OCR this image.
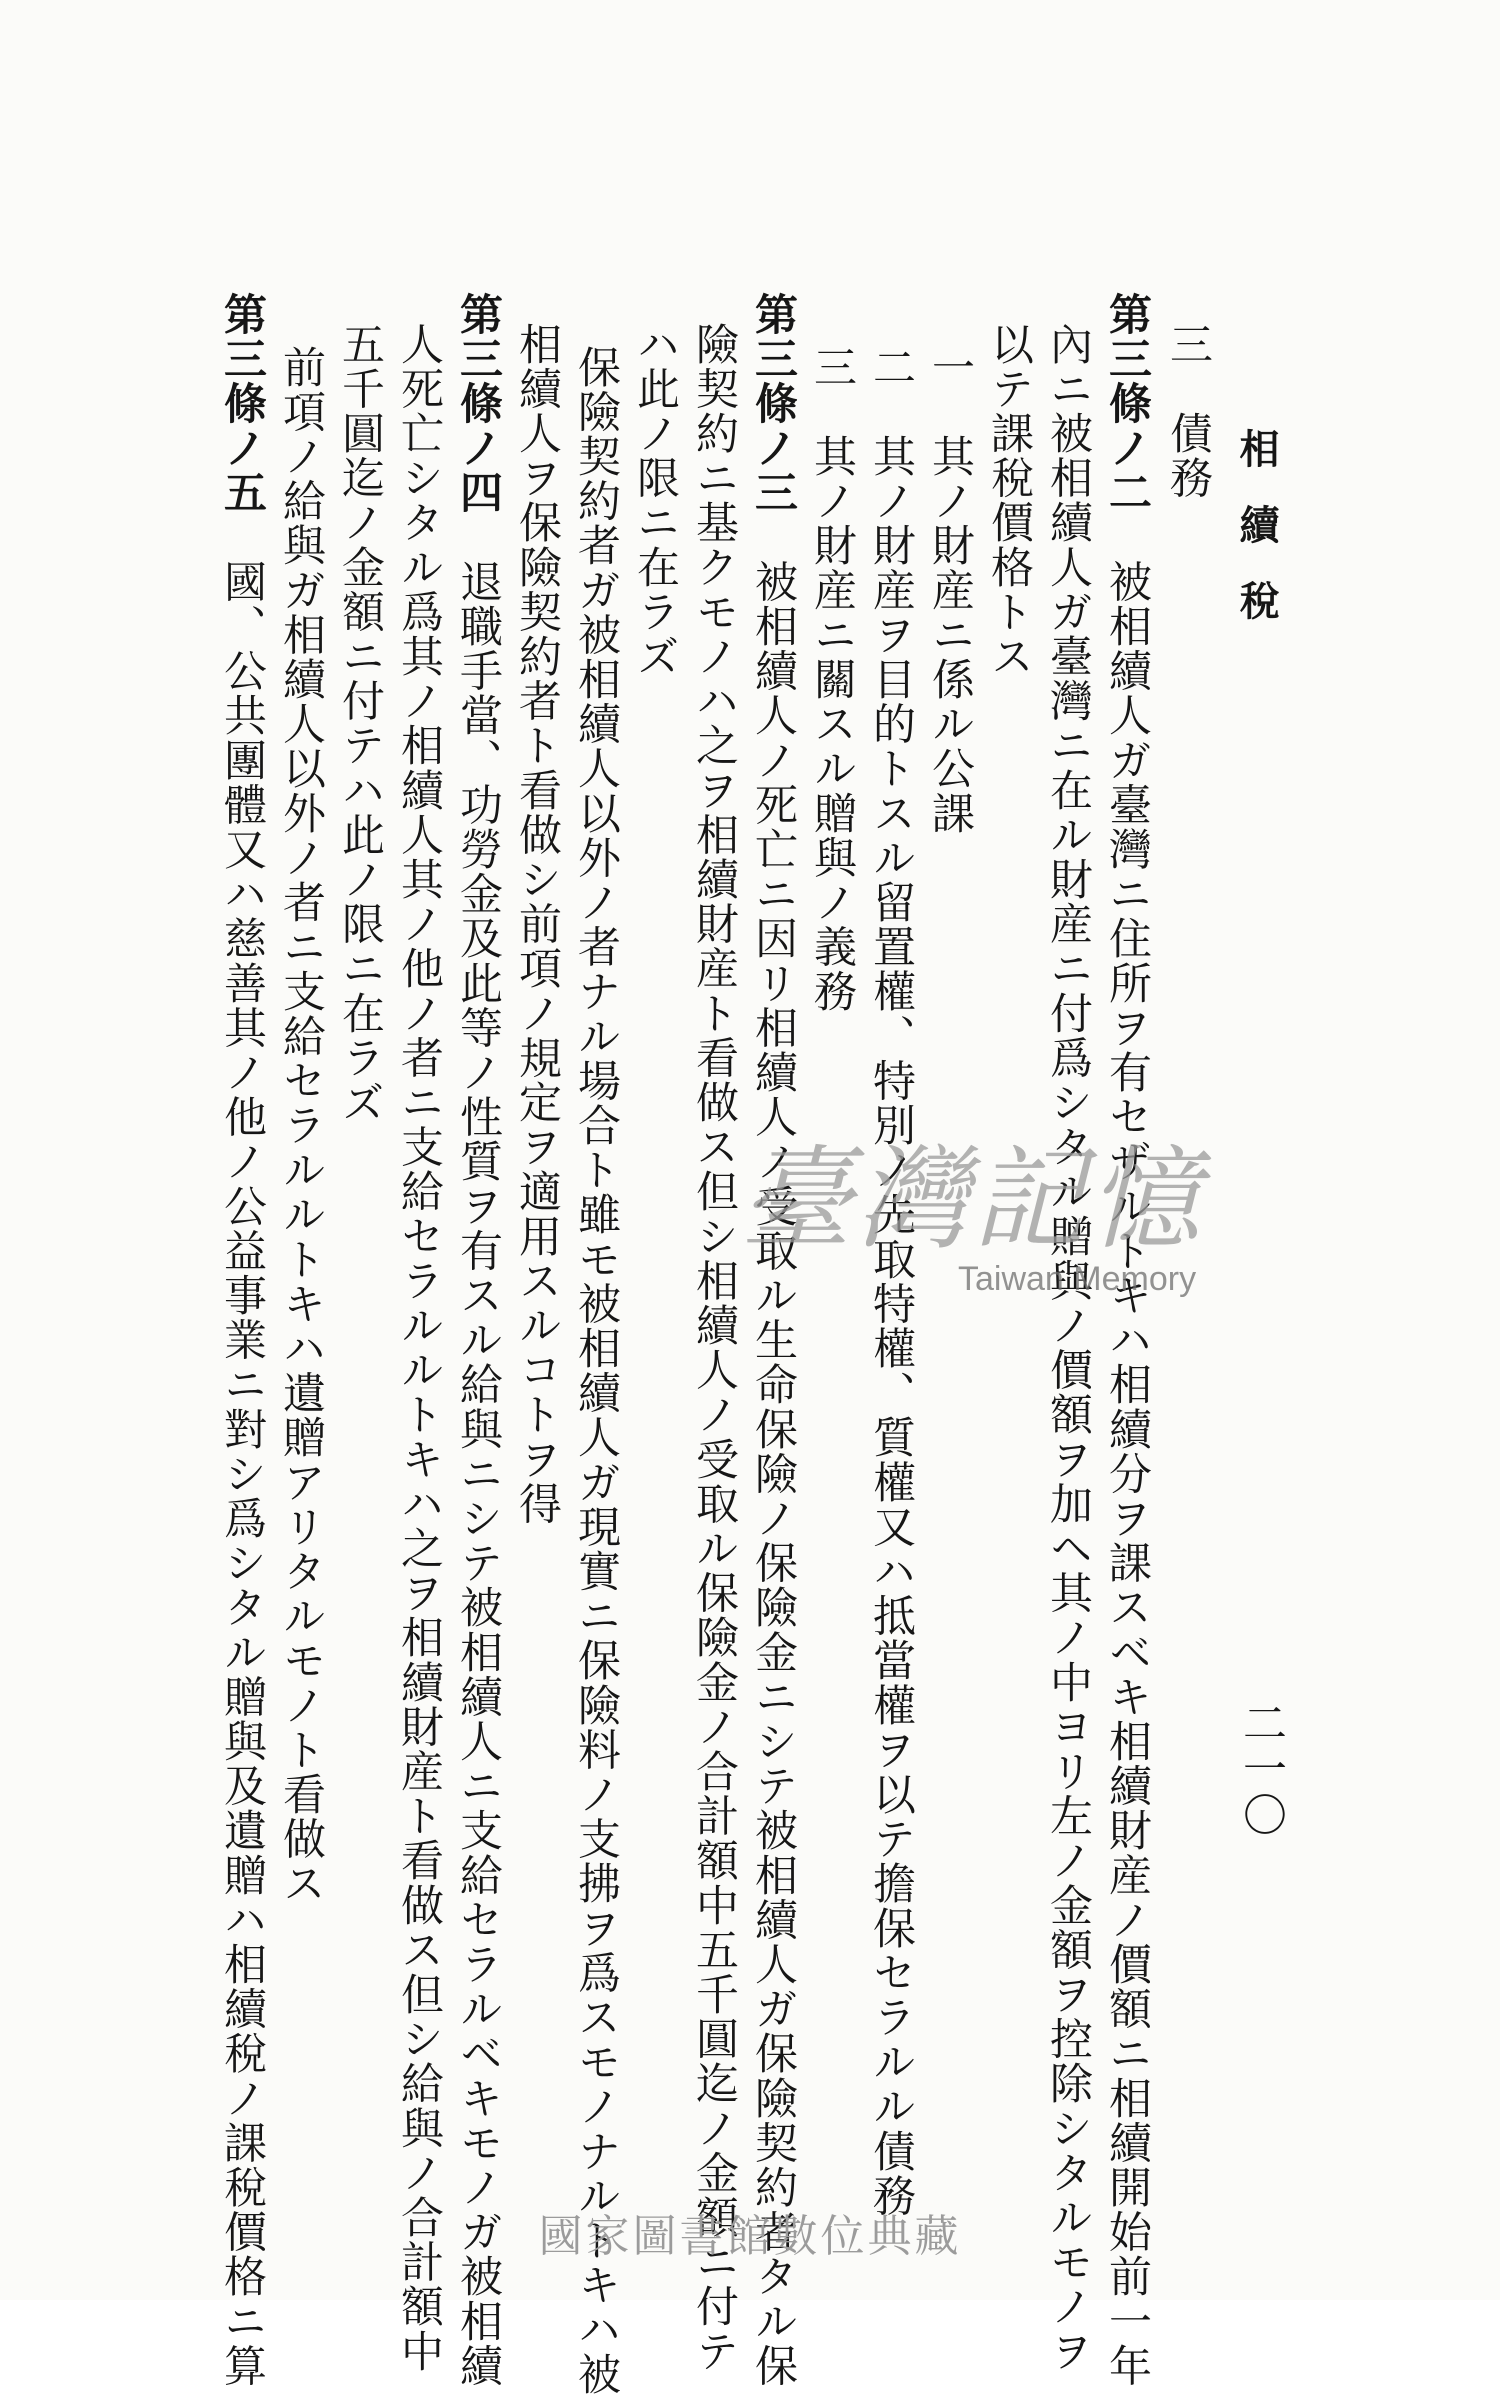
相續稅
二一〇
三　債務
第三條ノ二　被相續人ガ臺灣ニ住所ヲ有セザルトキハ相續分ヲ課スベキ相續財産ノ價額ニ相續開始前一年
內ニ被相續人ガ臺灣ニ在ル財産ニ付爲シタル贈與ノ價額ヲ加ヘ其ノ中ヨリ左ノ金額ヲ控除シタルモノヲ
以テ課稅價格トス
一　其ノ財産ニ係ル公課
二　其ノ財産ヲ目的トスル留置權、特別ノ先取特權、質權又ハ抵當權ヲ以テ擔保セラルル債務
三　其ノ財産ニ關スル贈與ノ義務
第三條ノ三　被相續人ノ死亡ニ因リ相續人ノ受取ル生命保險ノ保險金ニシテ被相續人ガ保險契約者タル保
險契約ニ基クモノハ之ヲ相續財産ト看做ス但シ相續人ノ受取ル保險金ノ合計額中五千圓迄ノ金額ニ付テ
ハ此ノ限ニ在ラズ
保險契約者ガ被相續人以外ノ者ナル場合ト雖モ被相續人ガ現實ニ保險料ノ支拂ヲ爲スモノナルトキハ被
相續人ヲ保險契約者ト看做シ前項ノ規定ヲ適用スルコトヲ得
第三條ノ四　退職手當、功勞金及此等ノ性質ヲ有スル給與ニシテ被相續人ニ支給セラルベキモノガ被相續
人死亡シタル爲其ノ相續人其ノ他ノ者ニ支給セラルルトキハ之ヲ相續財産ト看做ス但シ給與ノ合計額中
五千圓迄ノ金額ニ付テハ此ノ限ニ在ラズ
前項ノ給與ガ相續人以外ノ者ニ支給セラルルトキハ遺贈アリタルモノト看做ス
第三條ノ五　國、公共團體又ハ慈善其ノ他ノ公益事業ニ對シ爲シタル贈與及遺贈ハ相續稅ノ課稅價格ニ算	臺灣記憶
Taiwan Memory
國家圖書館數位典藏
